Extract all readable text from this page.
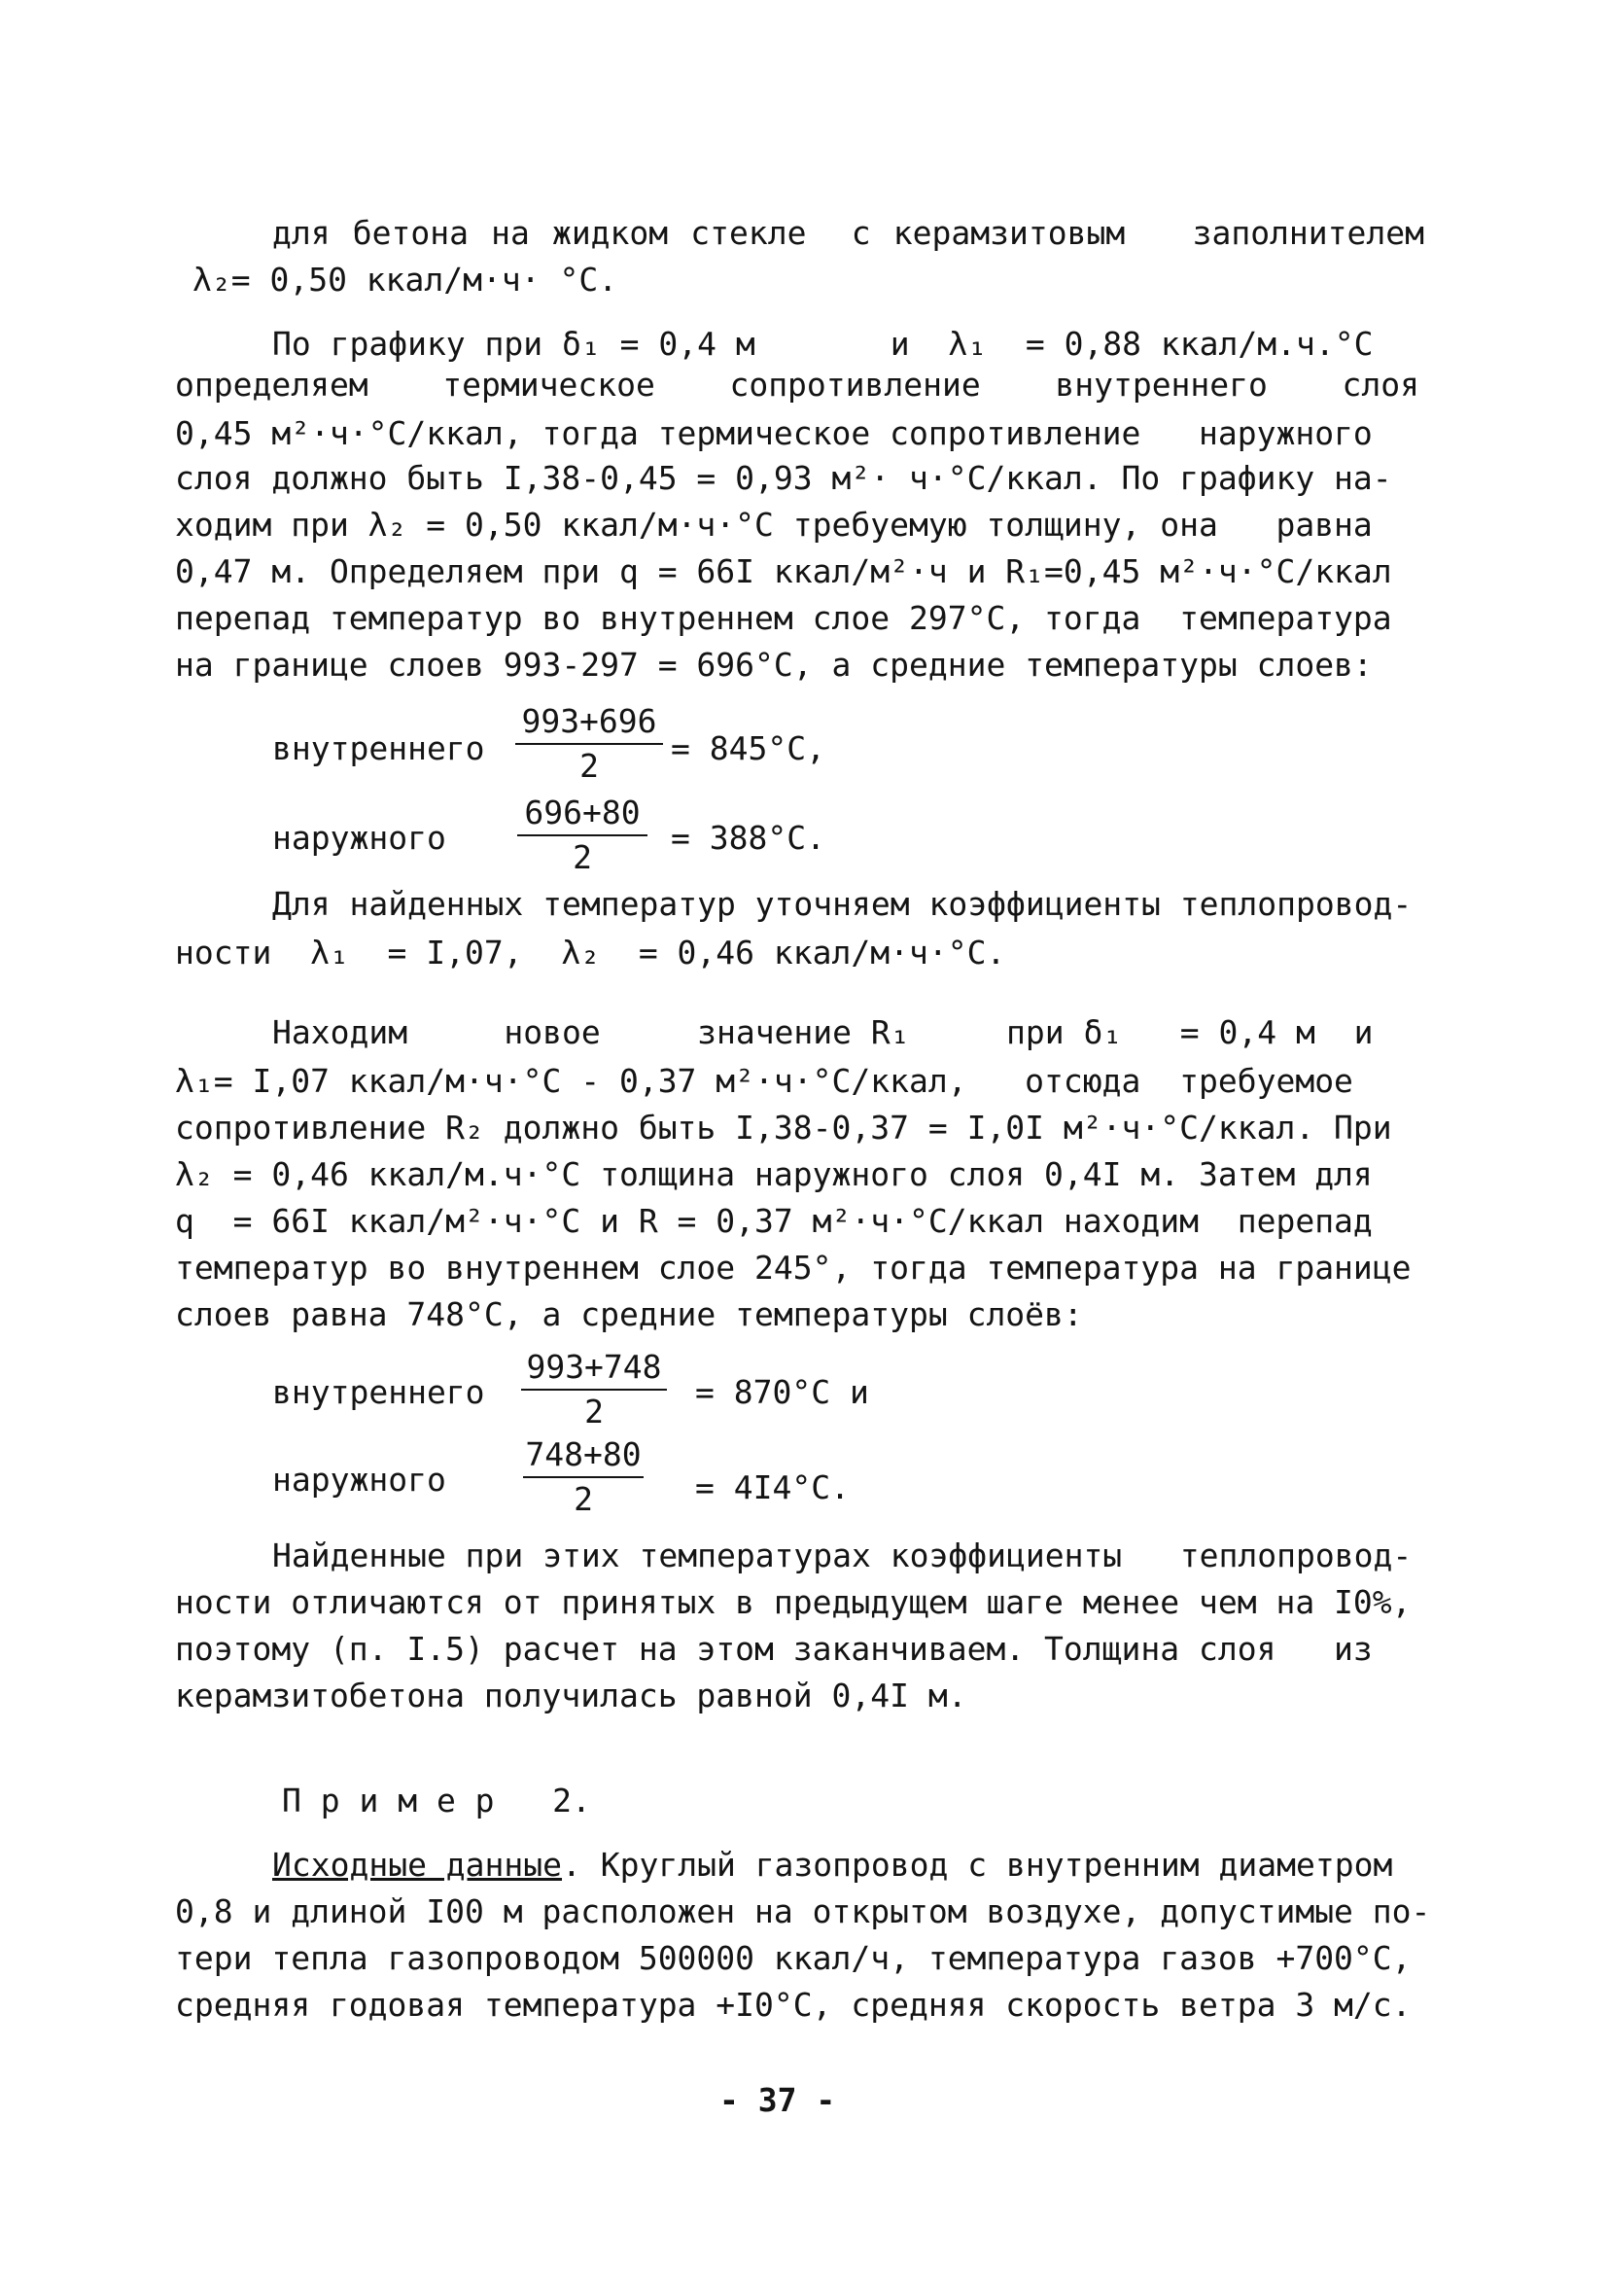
для бетона на жидком стекле  с керамзитовым   заполнителем
λ₂= 0,50 ккал/м·ч· °С.
По графику при δ₁ = 0,4 м       и  λ₁  = 0,88 ккал/м.ч.°С
определяем  термическое  сопротивление  внутреннего  слоя
0,45 м²·ч·°С/ккал, тогда термическое сопротивление   наружного
слоя должно быть I,38-0,45 = 0,93 м²· ч·°С/ккал. По графику на-
ходим при λ₂ = 0,50 ккал/м·ч·°С требуемую толщину, она   равна
0,47 м. Определяем при q = 66I ккал/м²·ч и R₁=0,45 м²·ч·°С/ккал
перепад температур во внутреннем слое 297°С, тогда  температура
на границе слоев 993-297 = 696°С, а средние температуры слоев:
внутреннего
993+696
2	= 845°С,
наружного
696+80
2
= 388°С.
Для найденных температур уточняем коэффициенты теплопровод-
ности  λ₁  = I,07,  λ₂  = 0,46 ккал/м·ч·°С.
Находим     новое     значение R₁     при δ₁   = 0,4 м  и
λ₁= I,07 ккал/м·ч·°С - 0,37 м²·ч·°С/ккал,   отсюда  требуемое
сопротивление R₂ должно быть I,38-0,37 = I,0I м²·ч·°С/ккал. При
λ₂ = 0,46 ккал/м.ч·°С толщина наружного слоя 0,4I м. Затем для
q  = 66I ккал/м²·ч·°С и R = 0,37 м²·ч·°С/ккал находим  перепад
температур во внутреннем слое 245°, тогда температура на границе
слоев равна 748°С, а средние температуры слоёв:
внутреннего
993+748
2
= 870°С и
наружного
748+80
2	= 4I4°С.
Найденные при этих температурах коэффициенты   теплопровод-
ности отличаются от принятых в предыдущем шаге менее чем на I0%,
поэтому (п. I.5) расчет на этом заканчиваем. Толщина слоя   из
керамзитобетона получилась равной 0,4I м.
П р и м е р   2.
Исходные данные. Круглый газопровод с внутренним диаметром
0,8 и длиной I00 м расположен на открытом воздухе, допустимые по-
тери тепла газопроводом 500000 ккал/ч, температура газов +700°С,
средняя годовая температура +I0°С, средняя скорость ветра 3 м/с.
- 37 -
